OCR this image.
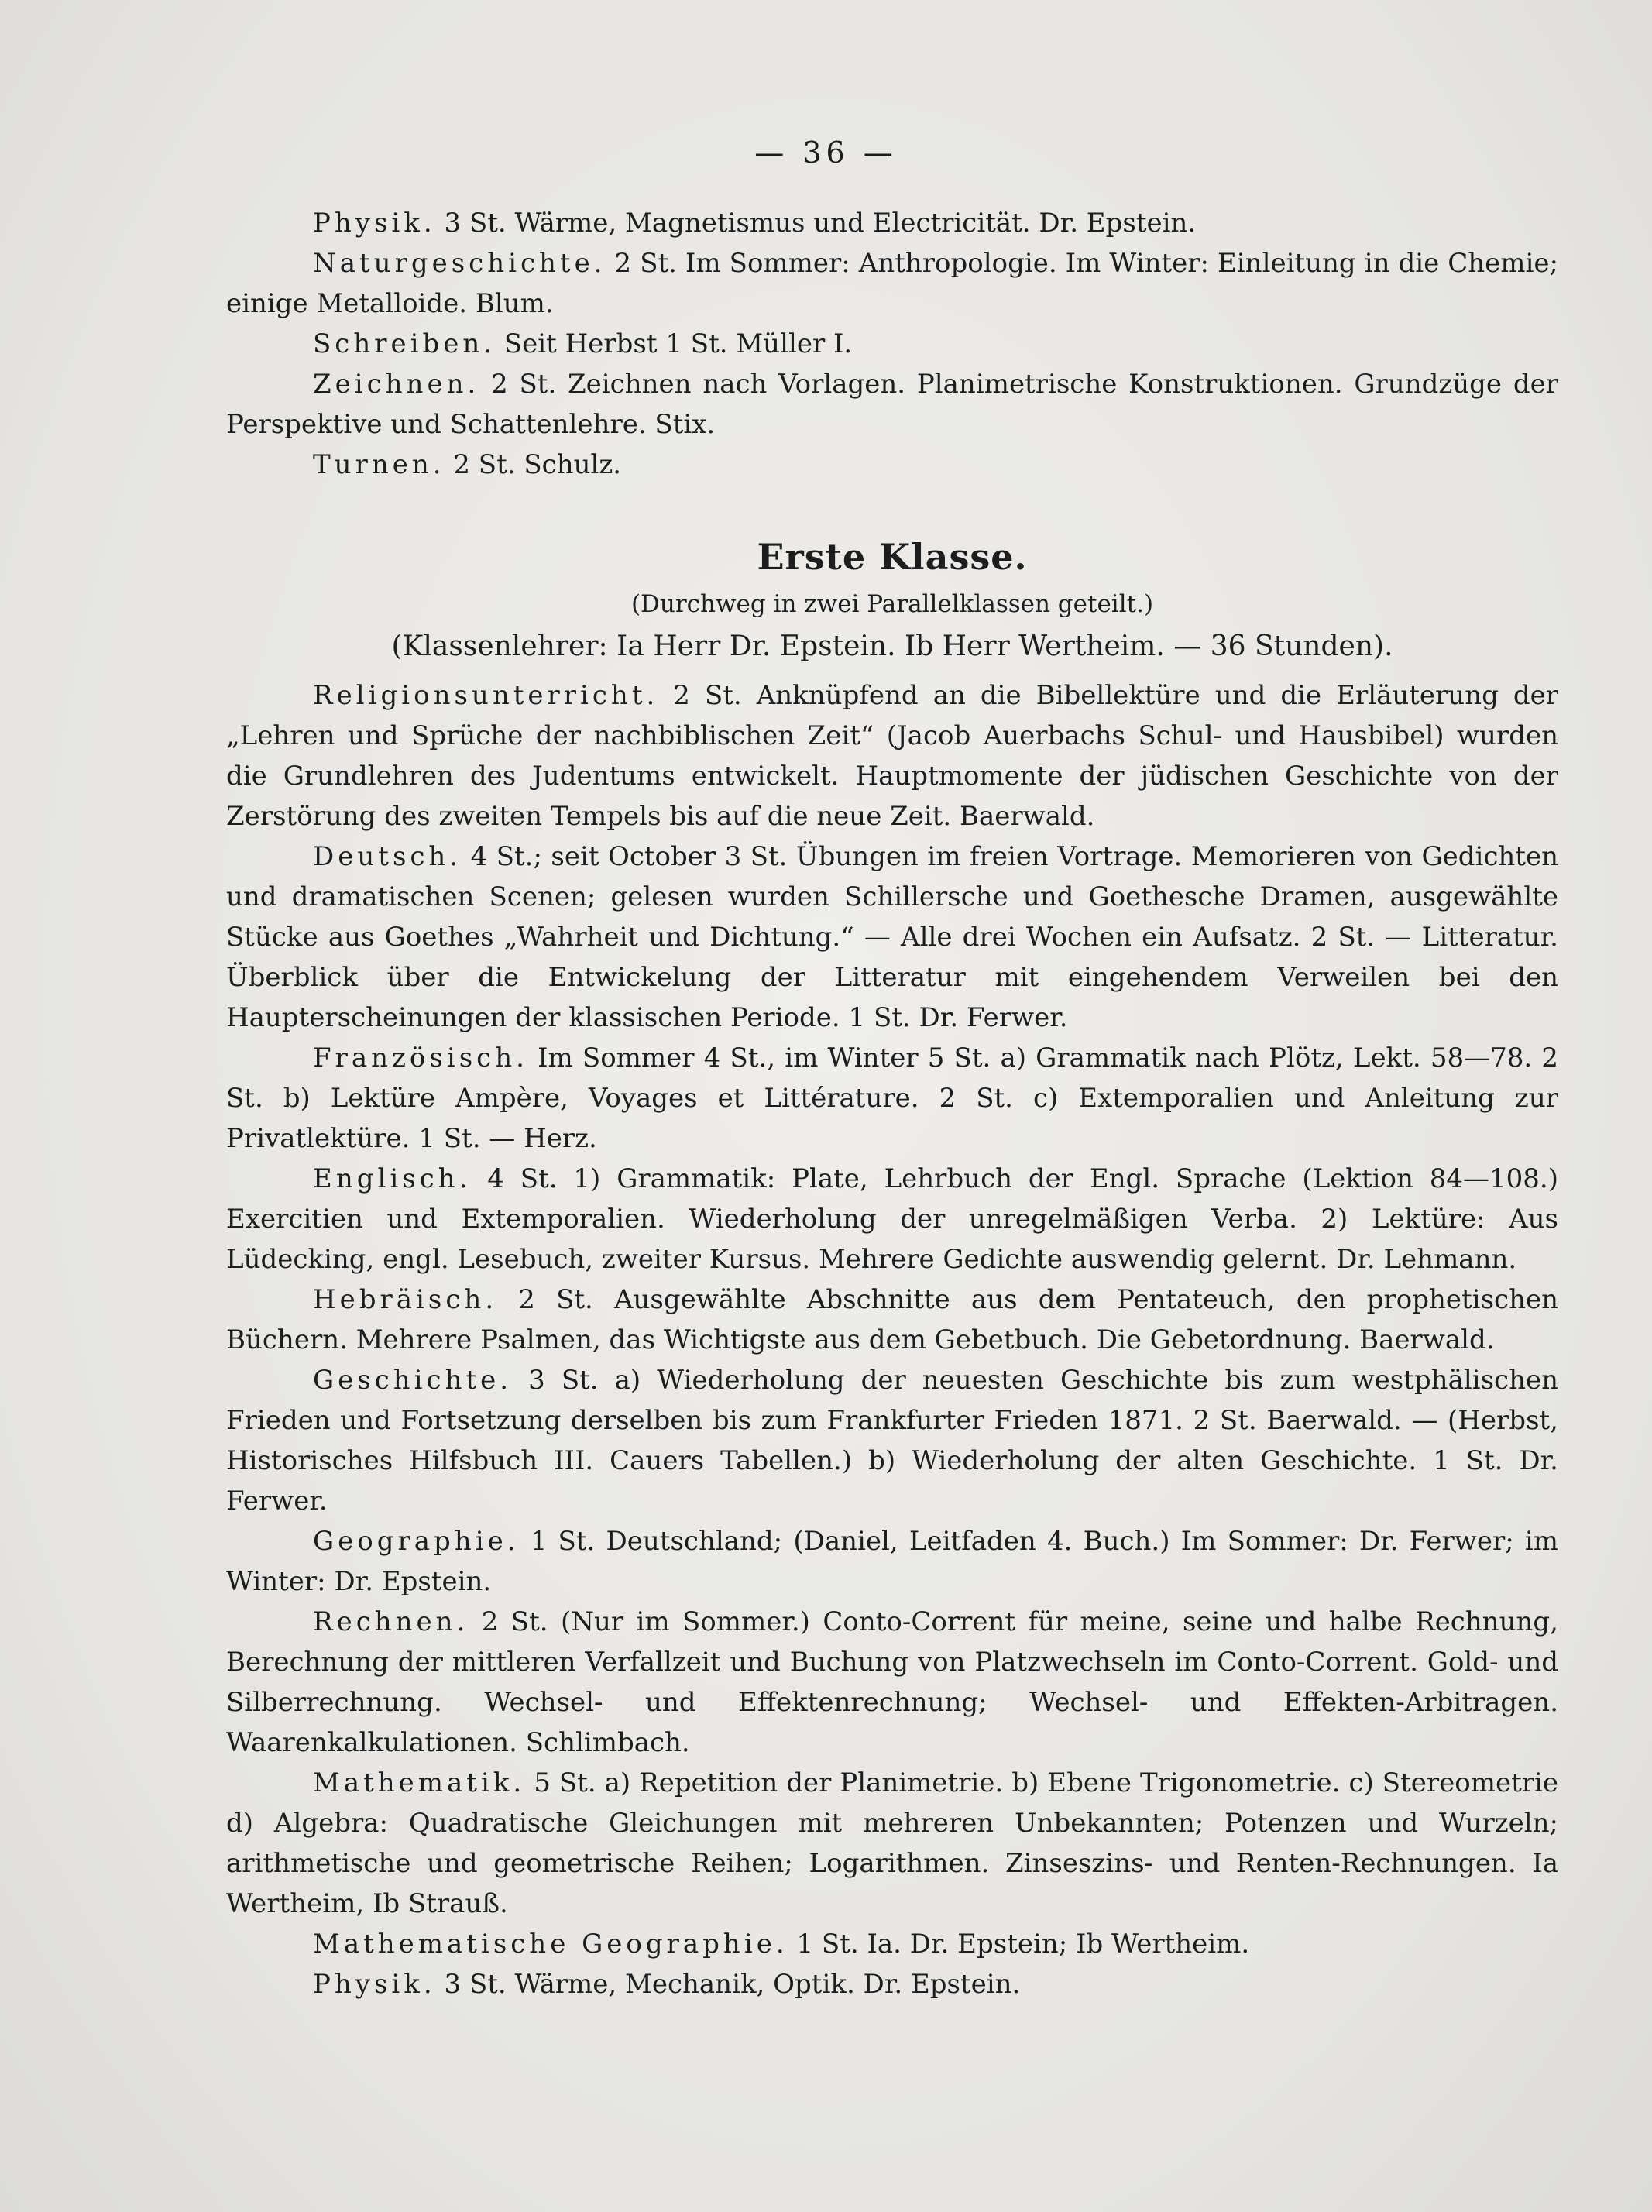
— 36 —

Physik. 3 St. Wärme, Magnetismus und Electricität. Dr. Epstein.

Naturgeschichte. 2 St. Im Sommer: Anthropologie. Im Winter: Einleitung in die Chemie; einige Metalloide. Blum.

Schreiben. Seit Herbst 1 St. Müller I.

Zeichnen. 2 St. Zeichnen nach Vorlagen. Planimetrische Konstruktionen. Grundzüge der Perspektive und Schattenlehre. Stix.

Turnen. 2 St. Schulz.

Erste Klasse.
(Durchweg in zwei Parallelklassen geteilt.)
(Klassenlehrer: Ia Herr Dr. Epstein. Ib Herr Wertheim. — 36 Stunden).

Religionsunterricht. 2 St. Anknüpfend an die Bibellektüre und die Erläuterung der „Lehren und Sprüche der nachbiblischen Zeit“ (Jacob Auerbachs Schul- und Hausbibel) wurden die Grundlehren des Judentums entwickelt. Hauptmomente der jüdischen Geschichte von der Zerstörung des zweiten Tempels bis auf die neue Zeit. Baerwald.

Deutsch. 4 St.; seit October 3 St. Übungen im freien Vortrage. Memorieren von Gedichten und dramatischen Scenen; gelesen wurden Schillersche und Goethesche Dramen, ausgewählte Stücke aus Goethes „Wahrheit und Dichtung.“ — Alle drei Wochen ein Aufsatz. 2 St. — Litteratur. Überblick über die Entwickelung der Litteratur mit eingehendem Verweilen bei den Haupterscheinungen der klassischen Periode. 1 St. Dr. Ferwer.

Französisch. Im Sommer 4 St., im Winter 5 St. a) Grammatik nach Plötz, Lekt. 58—78. 2 St. b) Lektüre Ampère, Voyages et Littérature. 2 St. c) Extemporalien und Anleitung zur Privatlektüre. 1 St. — Herz.

Englisch. 4 St. 1) Grammatik: Plate, Lehrbuch der Engl. Sprache (Lektion 84—108.) Exercitien und Extemporalien. Wiederholung der unregelmäßigen Verba. 2) Lektüre: Aus Lüdecking, engl. Lesebuch, zweiter Kursus. Mehrere Gedichte auswendig gelernt. Dr. Lehmann.

Hebräisch. 2 St. Ausgewählte Abschnitte aus dem Pentateuch, den prophetischen Büchern. Mehrere Psalmen, das Wichtigste aus dem Gebetbuch. Die Gebetordnung. Baerwald.

Geschichte. 3 St. a) Wiederholung der neuesten Geschichte bis zum westphälischen Frieden und Fortsetzung derselben bis zum Frankfurter Frieden 1871. 2 St. Baerwald. — (Herbst, Historisches Hilfsbuch III. Cauers Tabellen.) b) Wiederholung der alten Geschichte. 1 St. Dr. Ferwer.

Geographie. 1 St. Deutschland; (Daniel, Leitfaden 4. Buch.) Im Sommer: Dr. Ferwer; im Winter: Dr. Epstein.

Rechnen. 2 St. (Nur im Sommer.) Conto-Corrent für meine, seine und halbe Rechnung, Berechnung der mittleren Verfallzeit und Buchung von Platzwechseln im Conto-Corrent. Gold- und Silberrechnung. Wechsel- und Effektenrechnung; Wechsel- und Effekten-Arbitragen. Waarenkalkulationen. Schlimbach.

Mathematik. 5 St. a) Repetition der Planimetrie. b) Ebene Trigonometrie. c) Stereometrie d) Algebra: Quadratische Gleichungen mit mehreren Unbekannten; Potenzen und Wurzeln; arithmetische und geometrische Reihen; Logarithmen. Zinseszins- und Renten-Rechnungen. Ia Wertheim, Ib Strauß.

Mathematische Geographie. 1 St. Ia. Dr. Epstein; Ib Wertheim.

Physik. 3 St. Wärme, Mechanik, Optik. Dr. Epstein.
